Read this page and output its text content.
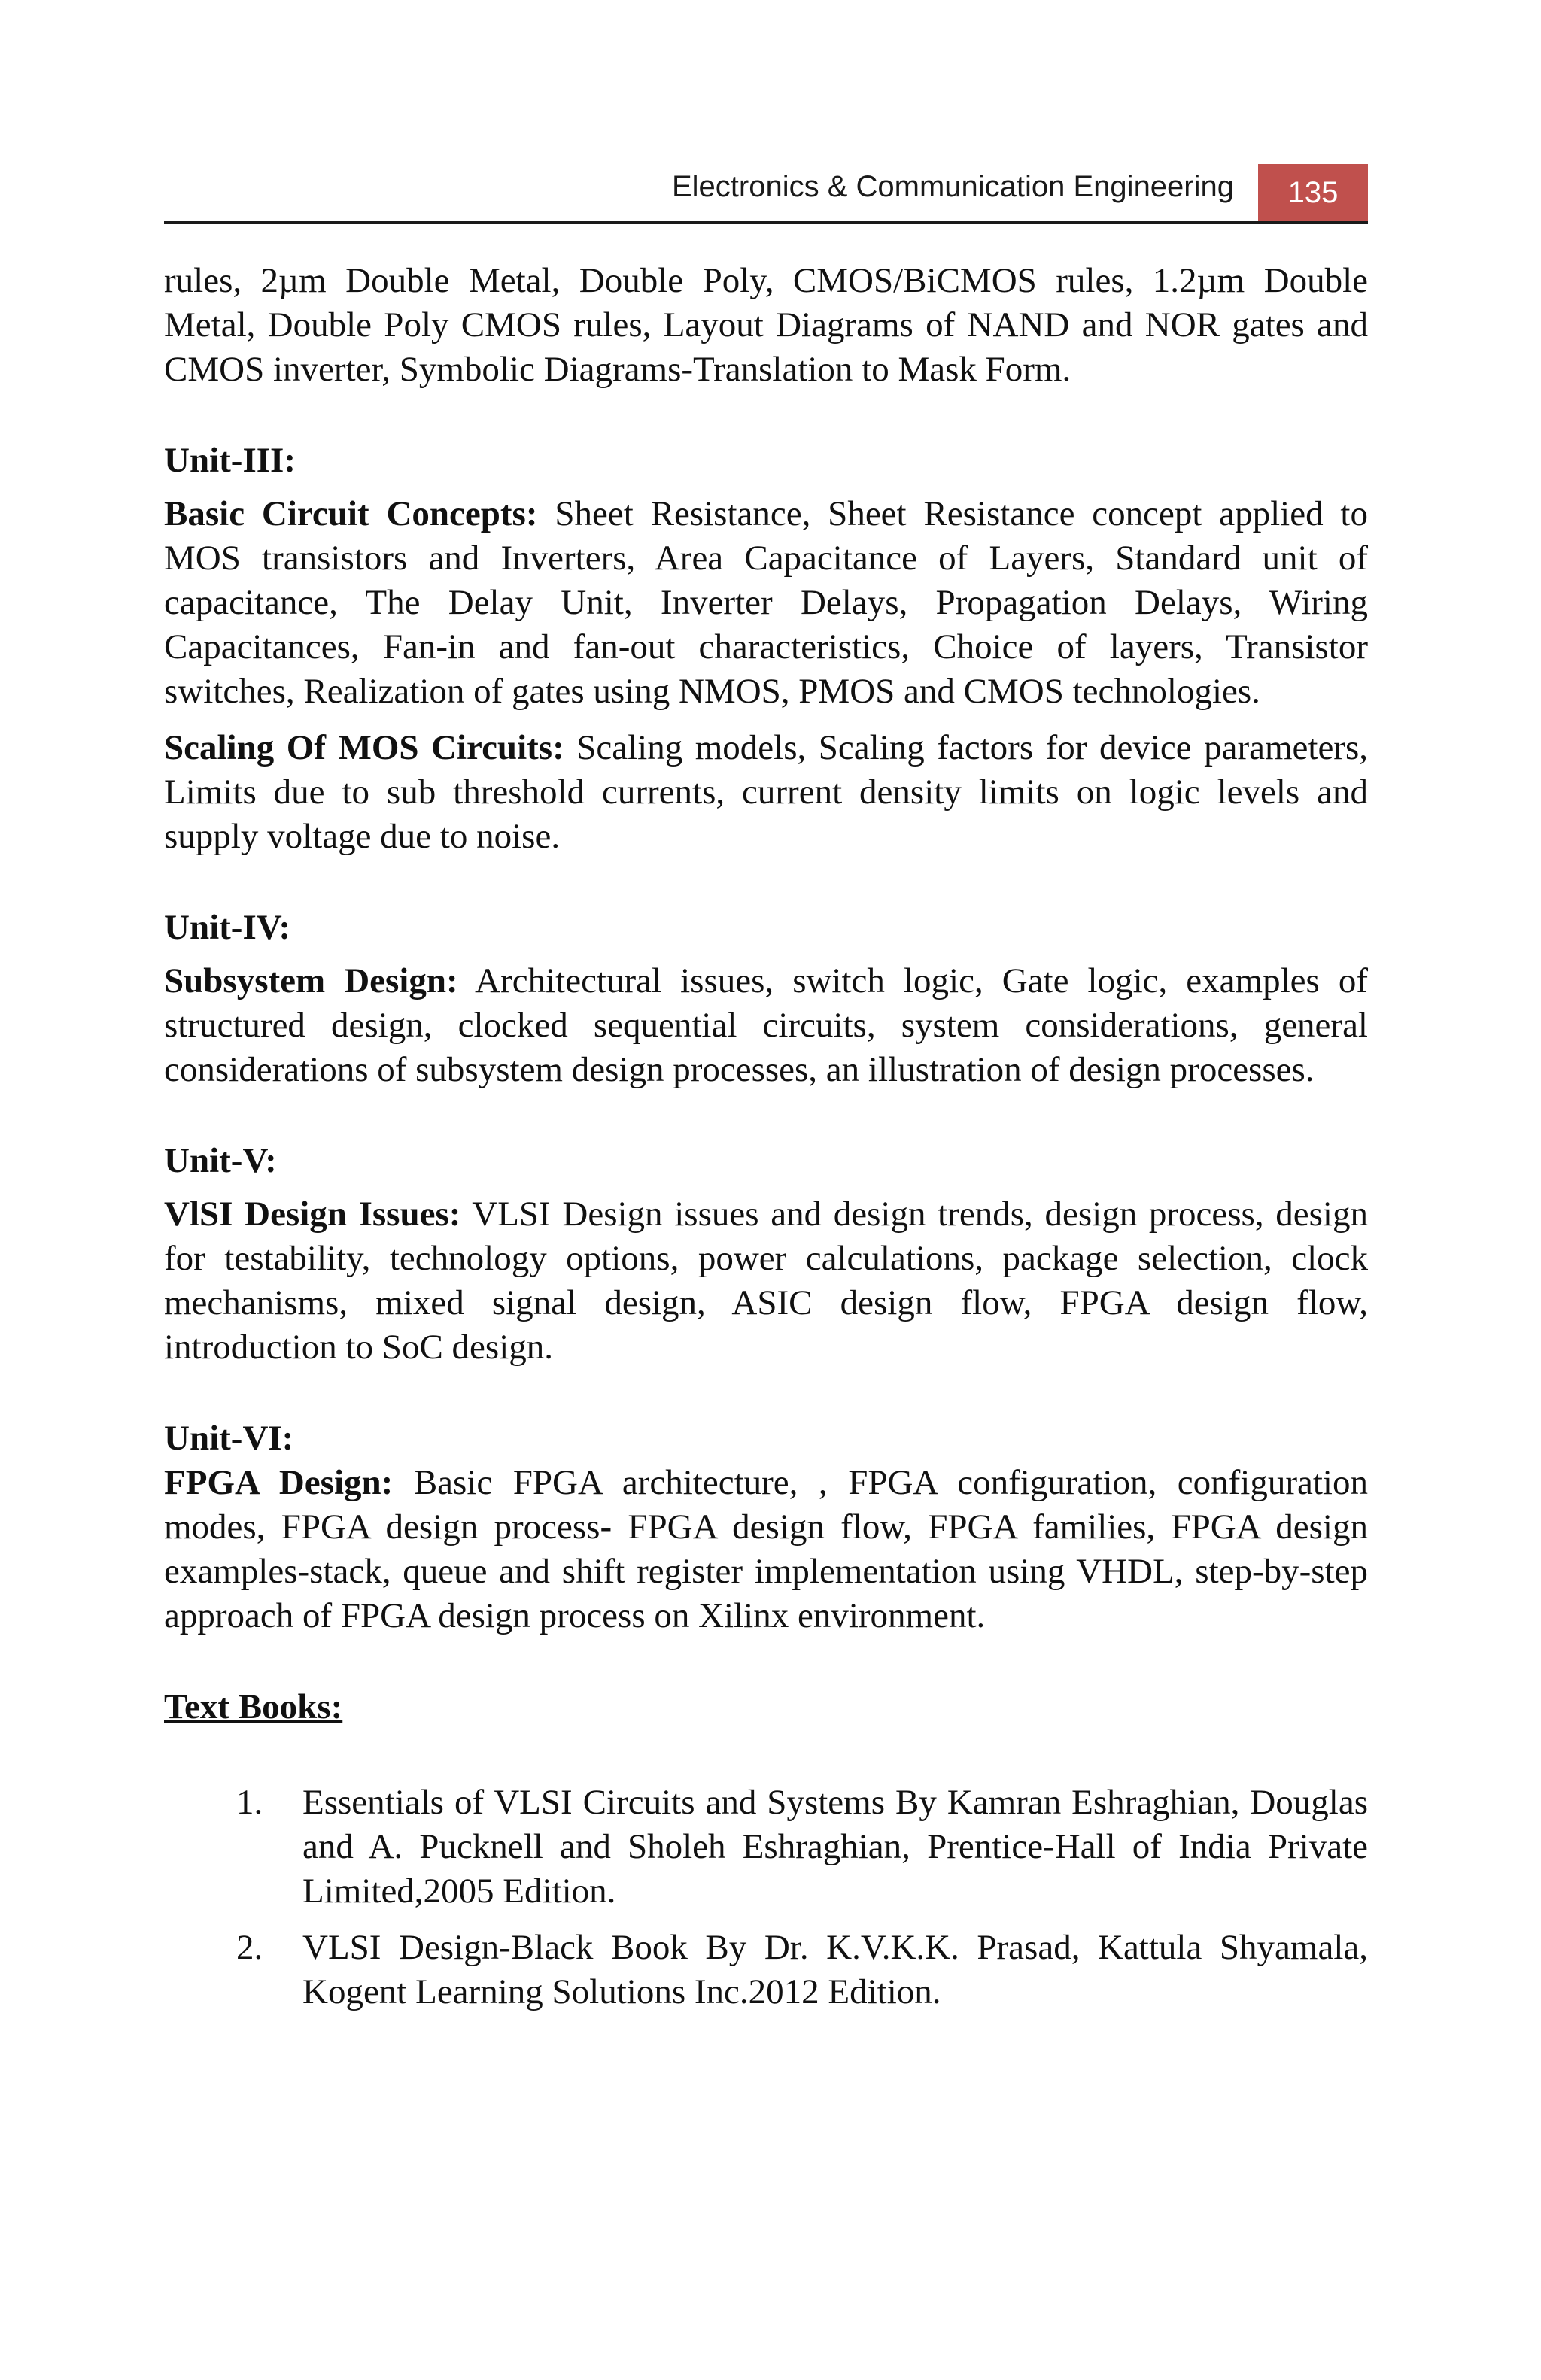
Electronics & Communication Engineering	135

rules, 2µm Double Metal, Double Poly, CMOS/BiCMOS rules, 1.2µm Double Metal, Double Poly CMOS rules, Layout Diagrams of NAND and NOR gates and CMOS inverter, Symbolic Diagrams-Translation to Mask Form.

Unit-III:

Basic Circuit Concepts: Sheet Resistance, Sheet Resistance concept applied to MOS transistors and Inverters, Area Capacitance of Layers, Standard unit of capacitance, The Delay Unit, Inverter Delays, Propagation Delays, Wiring Capacitances, Fan-in and fan-out characteristics, Choice of layers, Transistor switches, Realization of gates using NMOS, PMOS and CMOS technologies.

Scaling Of MOS Circuits: Scaling models, Scaling factors for device parameters, Limits due to sub threshold currents, current density limits on logic levels and supply voltage due to noise.

Unit-IV:

Subsystem Design: Architectural issues, switch logic, Gate logic, examples of structured design, clocked sequential circuits, system considerations, general considerations of subsystem design processes, an illustration of design processes.

Unit-V:

VlSI Design Issues: VLSI Design issues and design trends, design process, design for testability, technology options, power calculations, package selection, clock mechanisms, mixed signal design, ASIC design flow, FPGA design flow, introduction to SoC design.

Unit-VI:

FPGA Design: Basic FPGA architecture, , FPGA configuration, configuration modes, FPGA design process- FPGA design flow, FPGA families, FPGA design examples-stack, queue and shift register implementation using VHDL, step-by-step approach of FPGA design process on Xilinx environment.

Text Books:
1. Essentials of VLSI Circuits and Systems By Kamran Eshraghian, Douglas and A. Pucknell and Sholeh Eshraghian, Prentice-Hall of India Private Limited,2005 Edition.
2. VLSI Design-Black Book By Dr. K.V.K.K. Prasad, Kattula Shyamala, Kogent Learning Solutions Inc.2012 Edition.
